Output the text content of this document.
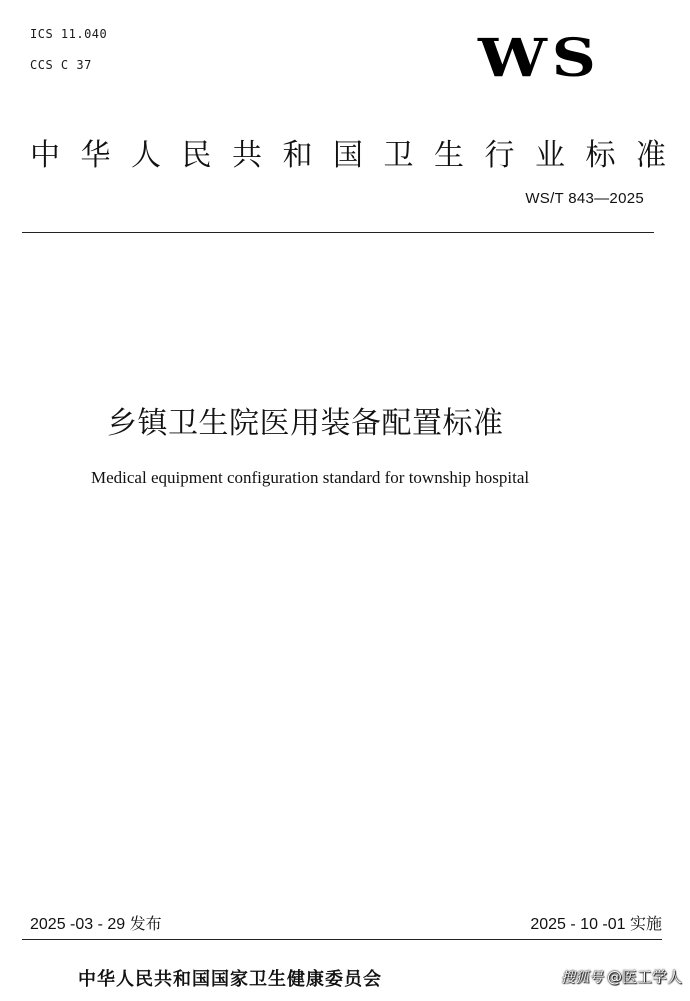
ICS 11.040
CCS C 37	WS
中华人民共和国卫生行业标准
WS/T 843—2025
乡镇卫生院医用装备配置标准
Medical equipment configuration standard for township hospital
2025 -03 - 29 发布	2025 - 10 -01 实施
中华人民共和国国家卫生健康委员会	搜狐号 @医工学人
